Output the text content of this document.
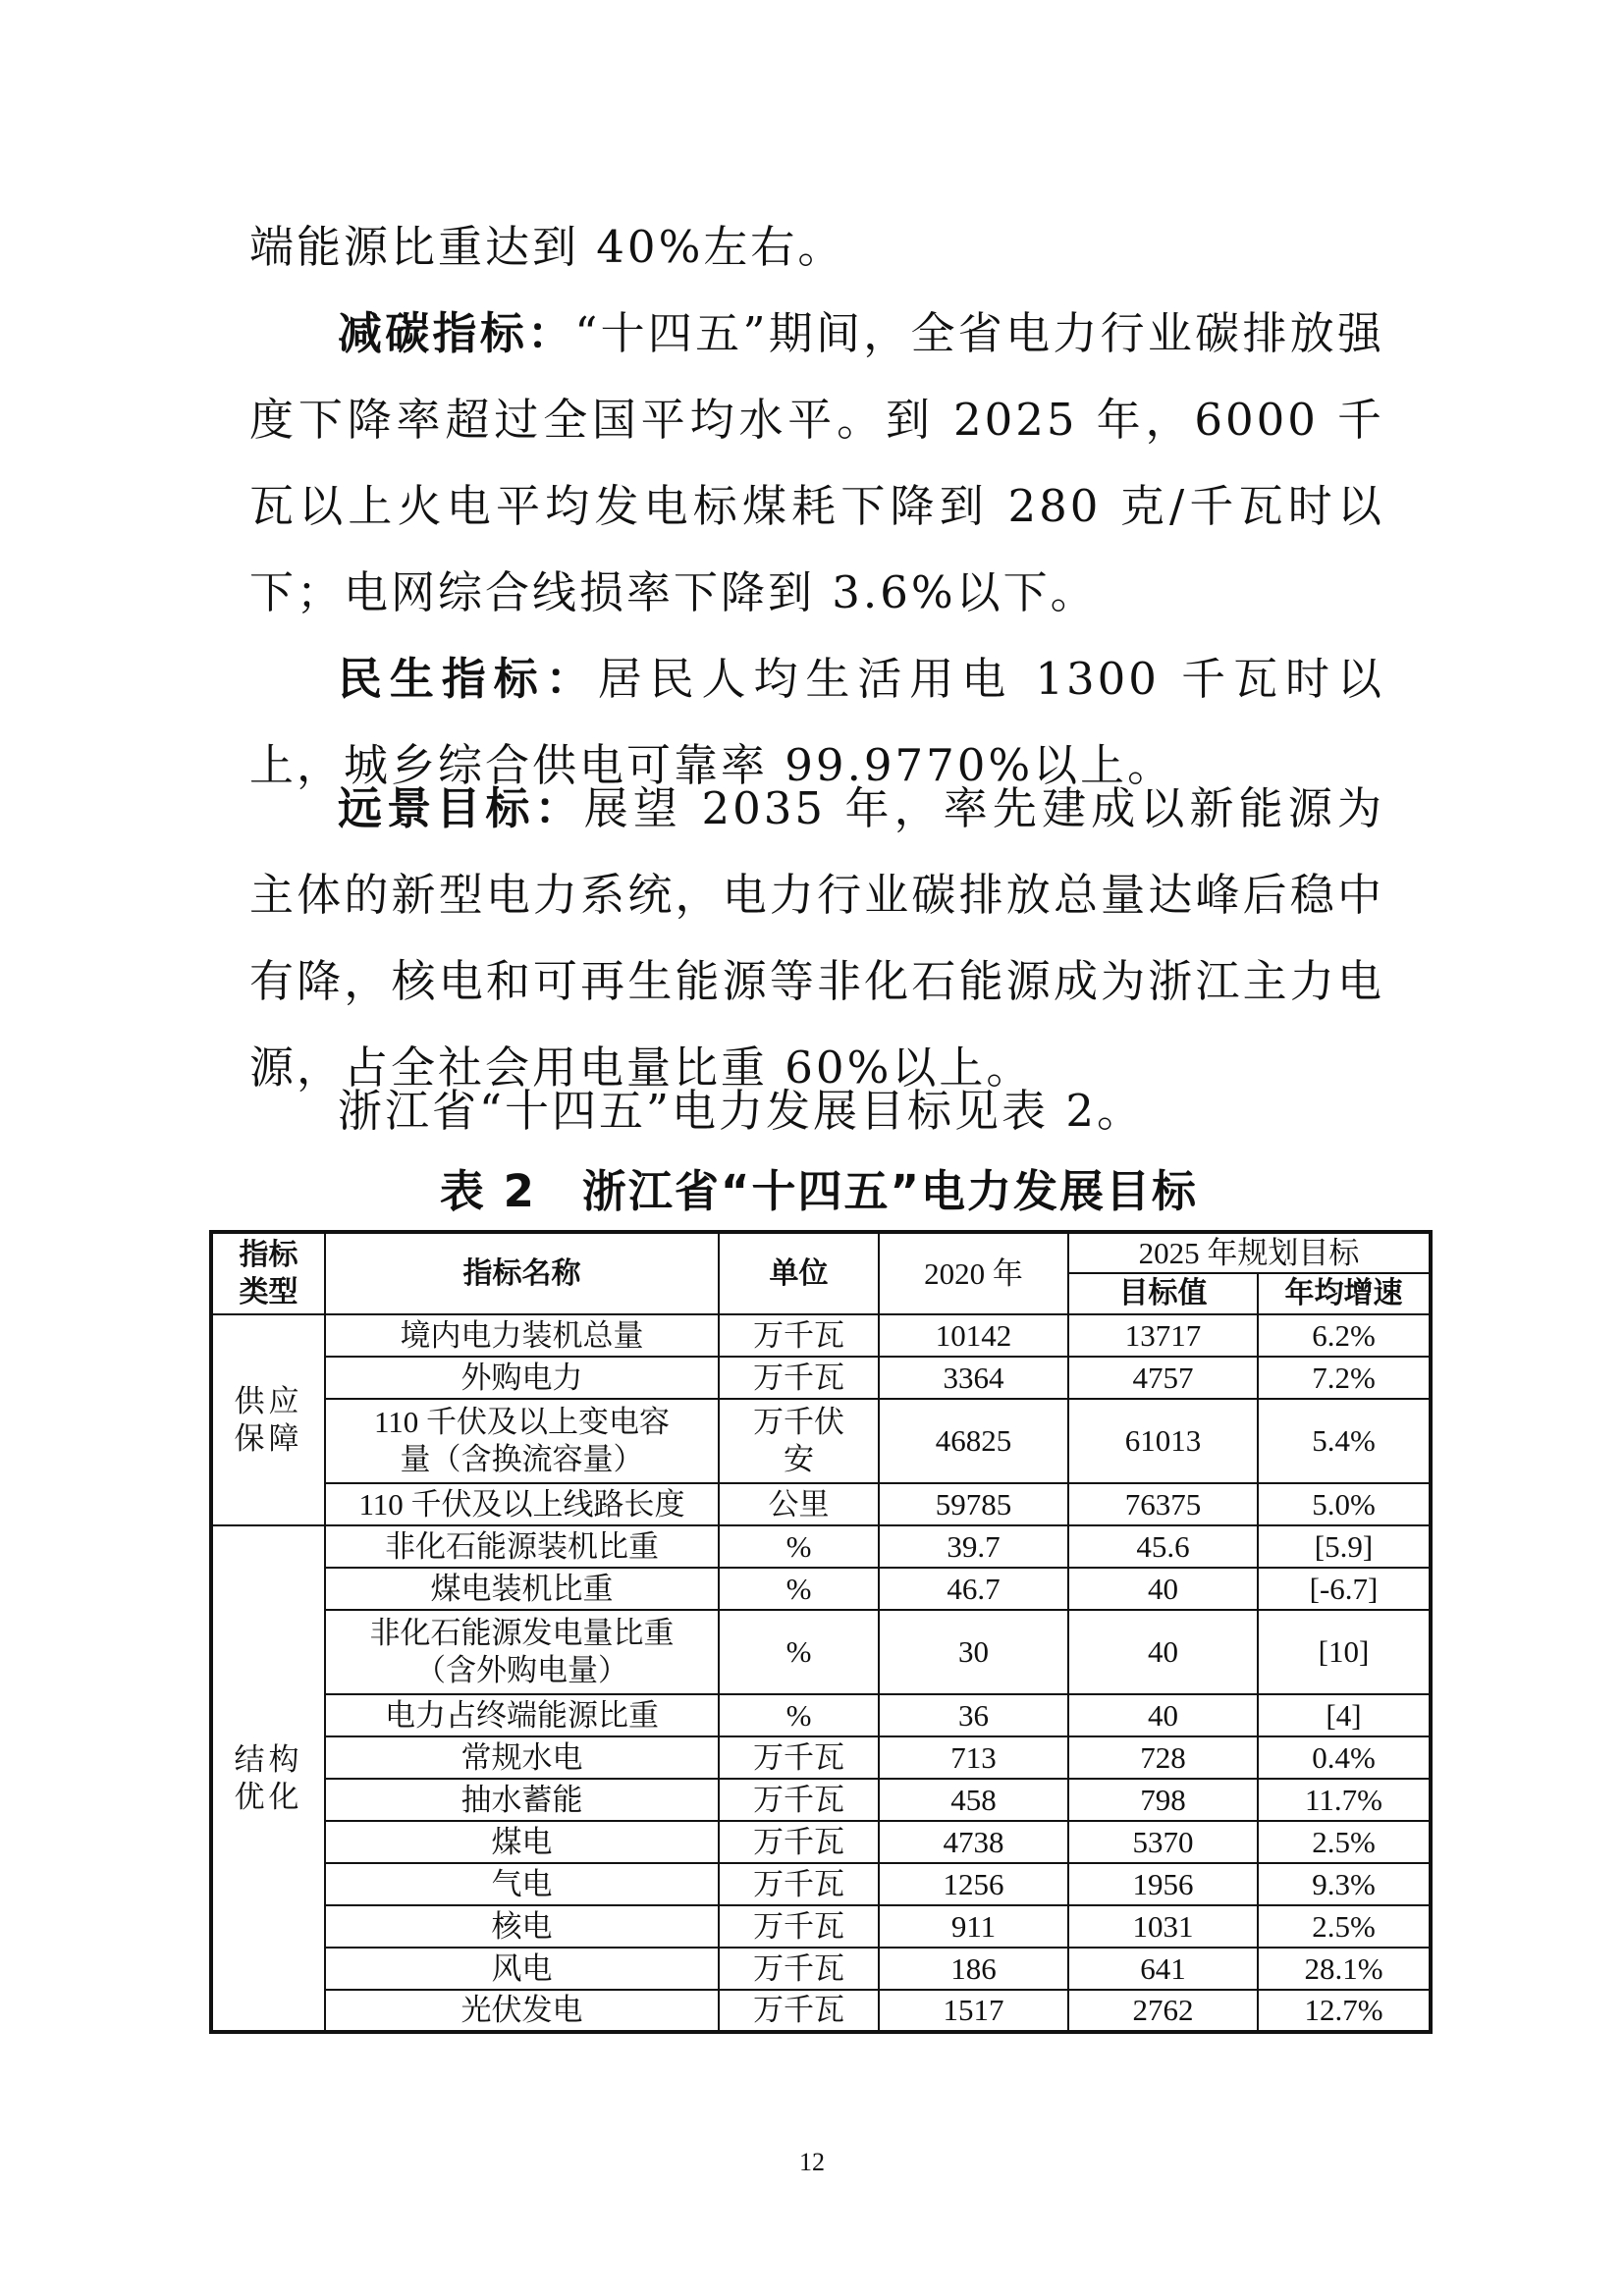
端能源比重达到 40%左右。

减碳指标：“十四五”期间，全省电力行业碳排放强度下降率超过全国平均水平。到 2025 年，6000 千瓦以上火电平均发电标煤耗下降到 280 克/千瓦时以下；电网综合线损率下降到 3.6%以下。

民生指标：居民人均生活用电 1300 千瓦时以上，城乡综合供电可靠率 99.9770%以上。

远景目标：展望 2035 年，率先建成以新能源为主体的新型电力系统，电力行业碳排放总量达峰后稳中有降，核电和可再生能源等非化石能源成为浙江主力电源，占全社会用电量比重 60%以上。

浙江省“十四五”电力发展目标见表 2。

表 2　浙江省“十四五”电力发展目标
指标类型	指标名称	单位	2020 年	2025 年规划目标	
				目标值	年均增速
供应保障	境内电力装机总量	万千瓦	10142	13717	6.2%
	外购电力	万千瓦	3364	4757	7.2%
	110 千伏及以上变电容量（含换流容量）	万千伏安	46825	61013	5.4%
	110 千伏及以上线路长度	公里	59785	76375	5.0%
结构优化	非化石能源装机比重	%	39.7	45.6	[5.9]
	煤电装机比重	%	46.7	40	[-6.7]
	非化石能源发电量比重（含外购电量）	%	30	40	[10]
	电力占终端能源比重	%	36	40	[4]
	常规水电	万千瓦	713	728	0.4%
	抽水蓄能	万千瓦	458	798	11.7%
	煤电	万千瓦	4738	5370	2.5%
	气电	万千瓦	1256	1956	9.3%
	核电	万千瓦	911	1031	2.5%
	风电	万千瓦	186	641	28.1%
	光伏发电	万千瓦	1517	2762	12.7%
12
